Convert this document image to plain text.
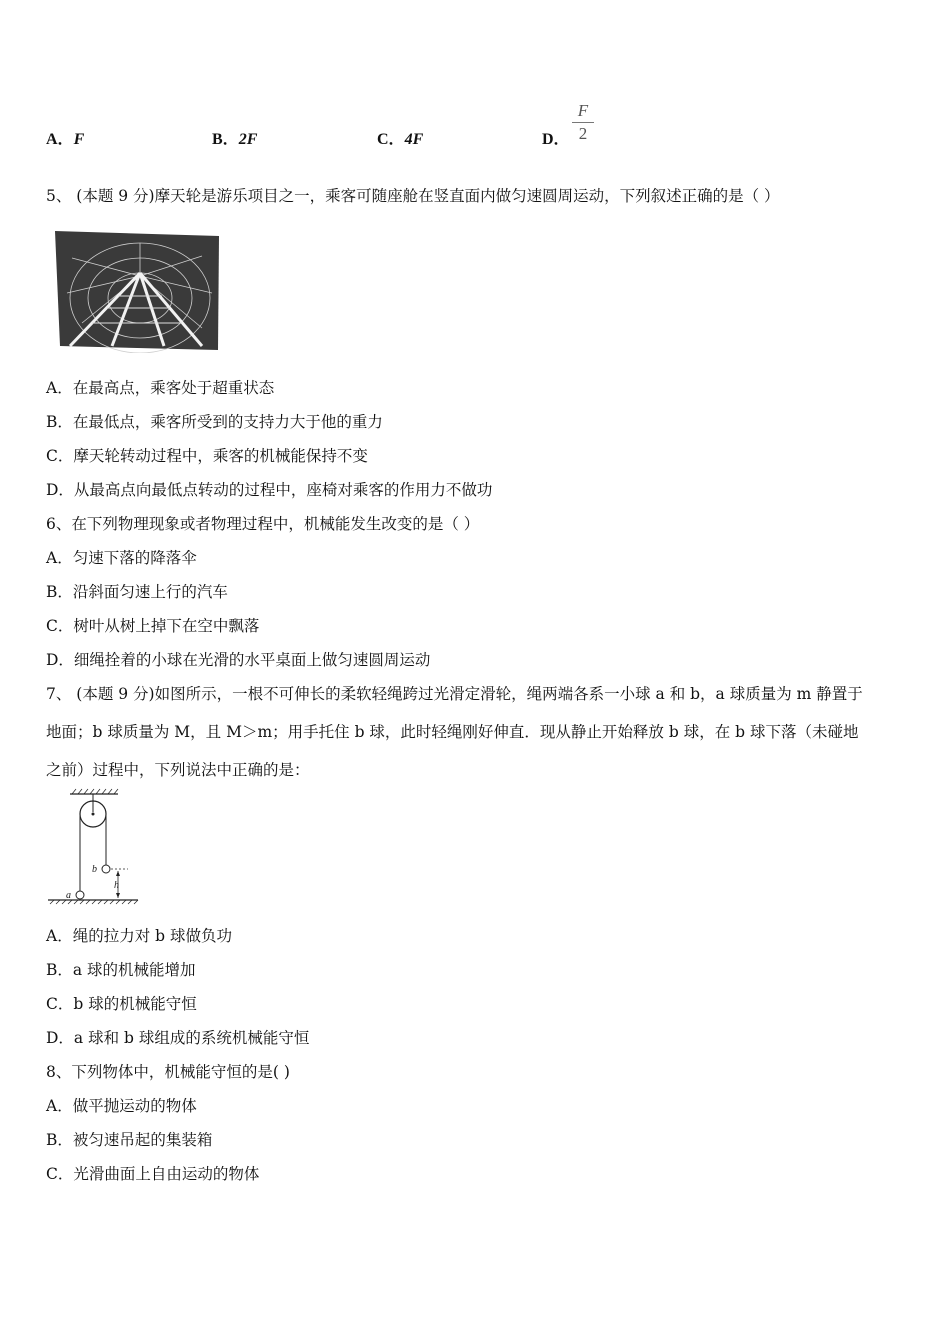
A．F	B．2F	C．4F	D．
F
2
5、 (本题 9 分)摩天轮是游乐项目之一，乘客可随座舱在竖直面内做匀速圆周运动，下列叙述正确的是（ ）
A．在最高点，乘客处于超重状态
B．在最低点，乘客所受到的支持力大于他的重力
C．摩天轮转动过程中，乘客的机械能保持不变
D．从最高点向最低点转动的过程中，座椅对乘客的作用力不做功
6、在下列物理现象或者物理过程中，机械能发生改变的是（ ）
A．匀速下落的降落伞
B．沿斜面匀速上行的汽车
C．树叶从树上掉下在空中飘落
D．细绳拴着的小球在光滑的水平桌面上做匀速圆周运动
7、 (本题 9 分)如图所示，一根不可伸长的柔软轻绳跨过光滑定滑轮，绳两端各系一小球 a 和 b，a 球质量为 m 静置于
地面；b 球质量为 M，且 M＞m；用手托住 b 球，此时轻绳刚好伸直．现从静止开始释放 b 球，在 b 球下落（未碰地
之前）过程中，下列说法中正确的是：
b
h
a
A．绳的拉力对 b 球做负功
B．a 球的机械能增加
C．b 球的机械能守恒
D．a 球和 b 球组成的系统机械能守恒
8、下列物体中，机械能守恒的是( )
A．做平抛运动的物体
B．被匀速吊起的集装箱
C．光滑曲面上自由运动的物体
